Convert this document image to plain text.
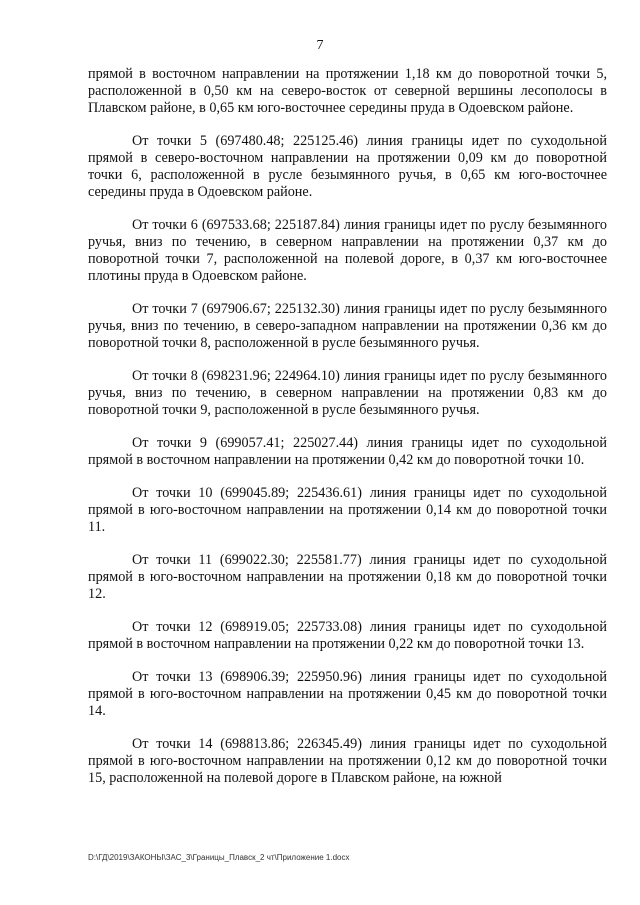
7

прямой в восточном направлении на протяжении 1,18 км до поворотной точки 5, расположенной в 0,50 км на северо-восток от северной вершины лесополосы в Плавском районе, в 0,65 км юго-восточнее середины пруда в Одоевском районе.

От точки 5 (697480.48; 225125.46) линия границы идет по суходольной прямой в северо-восточном направлении на протяжении 0,09 км до поворотной точки 6, расположенной в русле безымянного ручья, в 0,65 км юго-восточнее середины пруда в Одоевском районе.

От точки 6 (697533.68; 225187.84) линия границы идет по руслу безымянного ручья, вниз по течению, в северном направлении на протяжении 0,37 км до поворотной точки 7, расположенной на полевой дороге, в 0,37 км юго-восточнее плотины пруда в Одоевском районе.

От точки 7 (697906.67; 225132.30) линия границы идет по руслу безымянного ручья, вниз по течению, в северо-западном направлении на протяжении 0,36 км до поворотной точки 8, расположенной в русле безымянного ручья.

От точки 8 (698231.96; 224964.10) линия границы идет по руслу безымянного ручья, вниз по течению, в северном направлении на протяжении 0,83 км до поворотной точки 9, расположенной в русле безымянного ручья.

От точки 9 (699057.41; 225027.44) линия границы идет по суходольной прямой в восточном направлении на протяжении 0,42 км до поворотной точки 10.

От точки 10 (699045.89; 225436.61) линия границы идет по суходольной прямой в юго-восточном направлении на протяжении 0,14 км до поворотной точки 11.

От точки 11 (699022.30; 225581.77) линия границы идет по суходольной прямой в юго-восточном направлении на протяжении 0,18 км до поворотной точки 12.

От точки 12 (698919.05; 225733.08) линия границы идет по суходольной прямой в восточном направлении на протяжении 0,22 км до поворотной точки 13.

От точки 13 (698906.39; 225950.96) линия границы идет по суходольной прямой в юго-восточном направлении на протяжении 0,45 км до поворотной точки 14.

От точки 14 (698813.86; 226345.49) линия границы идет по суходольной прямой в юго-восточном направлении на протяжении 0,12 км до поворотной точки 15, расположенной на полевой дороге в Плавском районе, на южной

D:\ГД\2019\ЗАКОНЫ\ЗАС_3\Границы_Плавск_2 чт\Приложение 1.docx
